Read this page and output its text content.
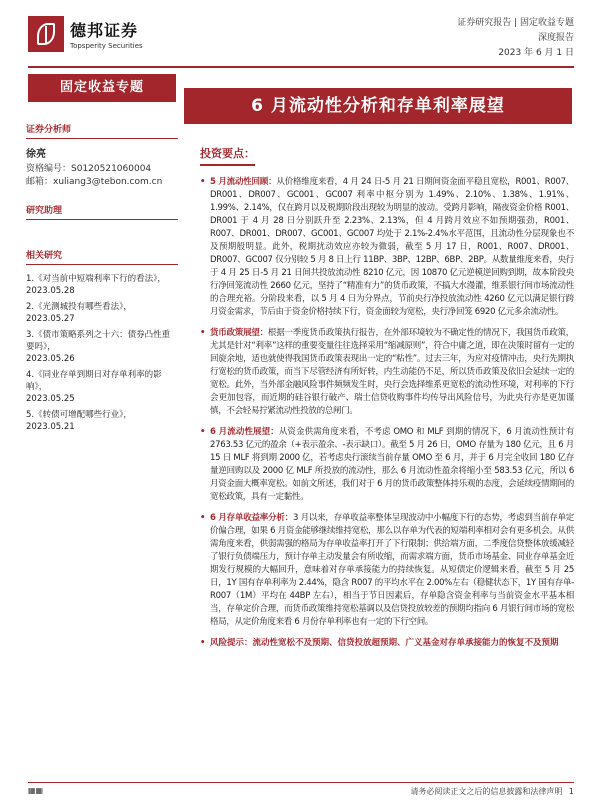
德邦证券
Topsperity Securities
证券研究报告 | 固定收益专题
深度报告
2023 年 6 月 1 日
固定收益专题
6 月流动性分析和存单利率展望
证券分析师
徐亮
资格编号：S0120521060004
邮箱：xuliang3@tebon.com.cn
研究助理
相关研究
1.《对当前中短端利率下行的看法》，
2023.05.28
2.《光测城投有哪些看法》，
2023.05.27
3.《债市策略系列之十六：债券凸性重要吗》，
2023.05.26
4.《同业存单到期日对存单利率的影响》，
2023.05.25
5.《转债可增配哪些行业》，
2023.05.21
投资要点：
• 5 月流动性回顾：从价格维度来看，4 月 24 日-5 月 21 日期间资金面平稳且宽松，R001、R007、DR001、DR007、GC001、GC007 利率中枢分别为 1.49%、2.10%、1.38%、1.91%、1.99%、2.14%，仅在跨月以及税期阶段出现较为明显的波动。受跨月影响，隔夜资金价格 R001、DR001 于 4 月 28 日分别跃升至 2.23%、2.13%，但 4 月跨月效应不如预期强劲，R001、R007、DR001、DR007、GC001、GC007 均处于 2.1%-2.4%水平范围，且流动性分层现象也不及预期般明显。此外，税期扰动效应亦较为微弱，截至 5 月 17 日，R001、R007、DR001、DR007、GC007 仅分别较 5 月 8 日上行 11BP、3BP、12BP、6BP、2BP。从数量维度来看，央行于 4 月 25 日-5 月 21 日间共投放流动性 8210 亿元，因 10870 亿元逆模逆回购到期，故本阶段央行净回笼流动性 2660 亿元，坚持了“精准有力”的货币政策，不搞大水漫灌，维系银行间市场流动性的合理充裕。分阶段来看，以 5 月 4 日为分界点，节前央行净投放流动性 4260 亿元以满足银行跨月资金需求，节后由于资金价格持续下行，资金面较为宽松，央行净回笼 6920 亿元多余流动性。
• 货币政策展望：根据一季度货币政策执行报告，在外部环境较为不确定性的情况下，我国货币政策，尤其是针对“利率”这样的重要变量往往选择采用“缩减原则”，符合中庸之道，即在决策时留有一定的回旋余地，适也就使得我国货币政策表现出一定的“粘性”。过去三年，为应对疫情冲击，央行先期执行宽松的货币政策，而当下尽管经济有所好转，内生动能仍不足，所以货币政策及依旧会延续一定的宽松。此外，当外部金融风险事件频频发生时，央行会选择维系更宽松的流动性环境，对利率的下行会更加包容，而近期的硅谷银行破产、瑞士信贷收购事件均传导出风险信号，为此央行亦是更加谨慎，不会轻易拧紧流动性投放的总闸门。
• 6 月流动性展望：从资金供需角度来看，不考虑 OMO 和 MLF 到期的情况下，6 月流动性预计有 2763.53 亿元的盈余（+表示盈余、-表示缺口）。截至 5 月 26 日，OMO 存量为 180 亿元，且 6 月 15 日 MLF 将到期 2000 亿，若考虑央行滚续当前存量 OMO 至 6 月，并于 6 月完全收回 180 亿存量逆回购以及 2000 亿 MLF 所投放的流动性，那么 6 月流动性盈余将缩小至 583.53 亿元，所以 6 月资金面大概率宽松。如前文所述，我们对于 6 月的货币政策整体持乐观的态度，会延续疫情期间的宽松政策，具有一定黏性。
• 6 月存单收益率分析：3 月以来，存单收益率整体呈现波动中小幅度下行的态势，考虑到当前存单定价偏合理，如果 6 月资金能够继续维持宽松，那么以存单为代表的短端利率相对会有更多机会。从供需角度来看，供弱需强的格局为存单收益率打开了下行限制；供给端方面，二季度信贷整体放缓减轻了银行负债端压力，预计存单主动发量会有所收缩，而需求端方面，货币市场基金、同业存单基金近期发行规模的大幅回升，意味着对存单承接能力的持续恢复。从短债定价逻辑来看，截至 5 月 25 日，1Y 国有存单利率为 2.44%，隐含 R007 的平均水平在 2.00%左右（稳健状态下，1Y 国有存单-R007（1M）平均在 44BP 左右），相当于节日因素后，存单隐含资金利率与当前资金水平基本相当，存单定价合理，而货币政策维持宽松基调以及信贷投放较差的预期均指向 6 月银行间市场的宽松格局，从定价角度来看 6 月份存单利率也有一定的下行空间。
• 风险提示：流动性宽松不及预期、信贷投放超预期、广义基金对存单承接能力的恢复不及预期
▦▦	请务必阅读正文之后的信息披露和法律声明 1
